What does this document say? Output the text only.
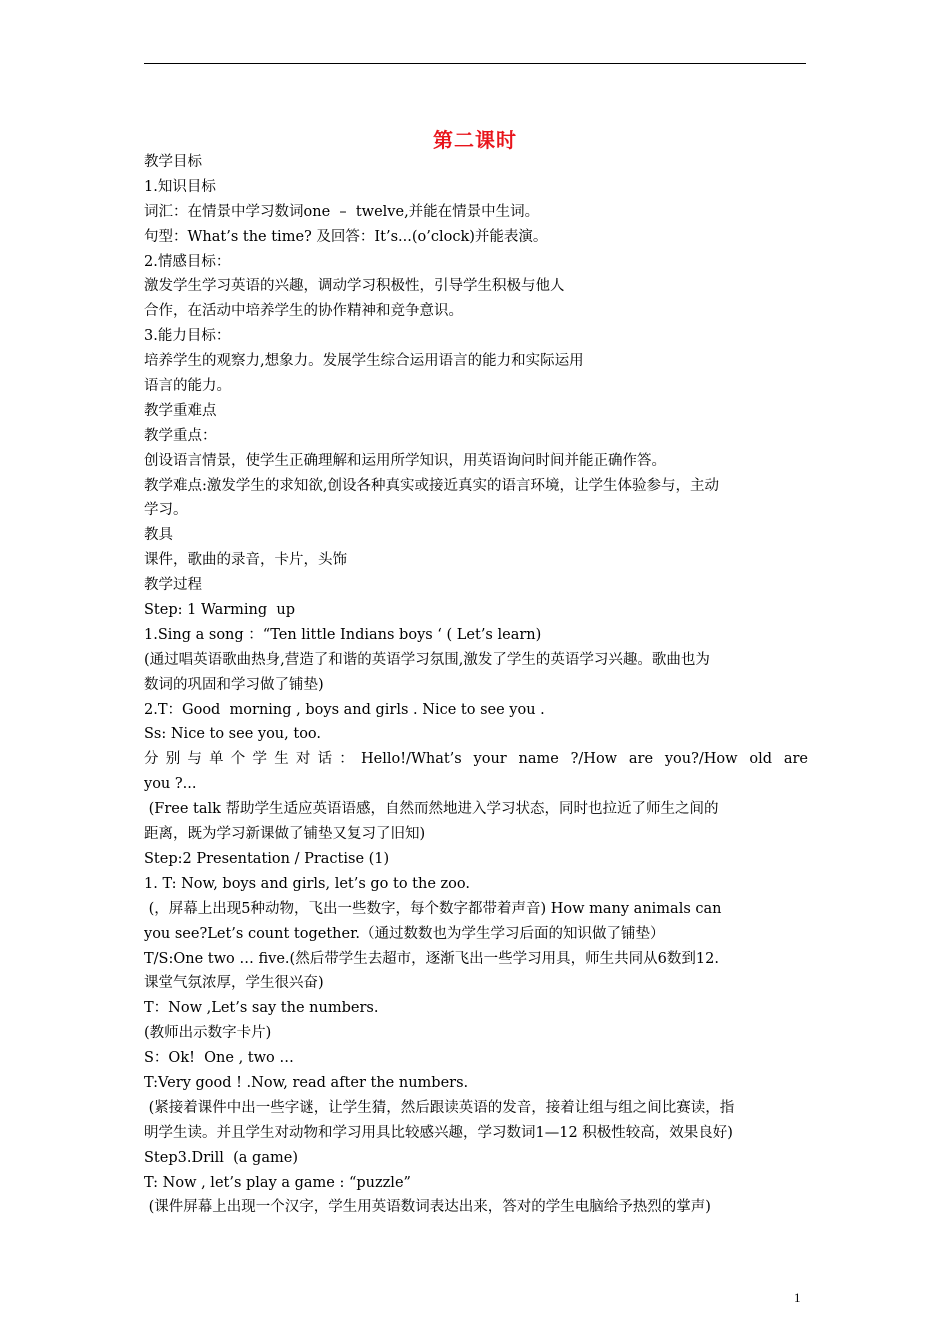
第二课时
教学目标
1.知识目标
词汇：在情景中学习数词one  –  twelve,并能在情景中生词。
句型：What’s the time? 及回答：It’s...(o’clock)并能表演。
2.情感目标：
激发学生学习英语的兴趣，调动学习积极性，引导学生积极与他人
合作，在活动中培养学生的协作精神和竞争意识。
3.能力目标：
培养学生的观察力,想象力。发展学生综合运用语言的能力和实际运用
语言的能力。
教学重难点
教学重点：
创设语言情景，使学生正确理解和运用所学知识，用英语询问时间并能正确作答。
教学难点:激发学生的求知欲,创设各种真实或接近真实的语言环境，让学生体验参与，主动
学习。
教具
课件，歌曲的录音，卡片，头饰
教学过程
Step: 1 Warming  up
1.Sing a song ：“Ten little Indians boys ‘ ( Let’s learn)
(通过唱英语歌曲热身,营造了和谐的英语学习氛围,激发了学生的英语学习兴趣。歌曲也为
数词的巩固和学习做了铺垫)
2.T：Good  morning , boys and girls . Nice to see you .
Ss: Nice to see you, too.
分别与单个学生对话：Hello!/What’s your name ?/How are you?/How old are
you ?...
(Free talk 帮助学生适应英语语感，自然而然地进入学习状态，同时也拉近了师生之间的
距离，既为学习新课做了铺垫又复习了旧知)
Step:2 Presentation / Practise (1)
1. T: Now, boys and girls, let’s go to the zoo.
(，屏幕上出现5种动物，飞出一些数字，每个数字都带着声音) How many animals can
you see?Let’s count together.（通过数数也为学生学习后面的知识做了铺垫）
T/S:One two … five.(然后带学生去超市，逐渐飞出一些学习用具，师生共同从6数到12.
课堂气氛浓厚，学生很兴奋)
T：Now ,Let’s say the numbers.
(教师出示数字卡片)
S：Ok!  One , two …
T:Very good ! .Now, read after the numbers.
(紧接着课件中出一些字谜，让学生猜，然后跟读英语的发音，接着让组与组之间比赛读，指
明学生读。并且学生对动物和学习用具比较感兴趣，学习数词1—12 积极性较高，效果良好)
Step3.Drill  (a game)
T: Now , let’s play a game : “puzzle”
(课件屏幕上出现一个汉字，学生用英语数词表达出来，答对的学生电脑给予热烈的掌声)
1
